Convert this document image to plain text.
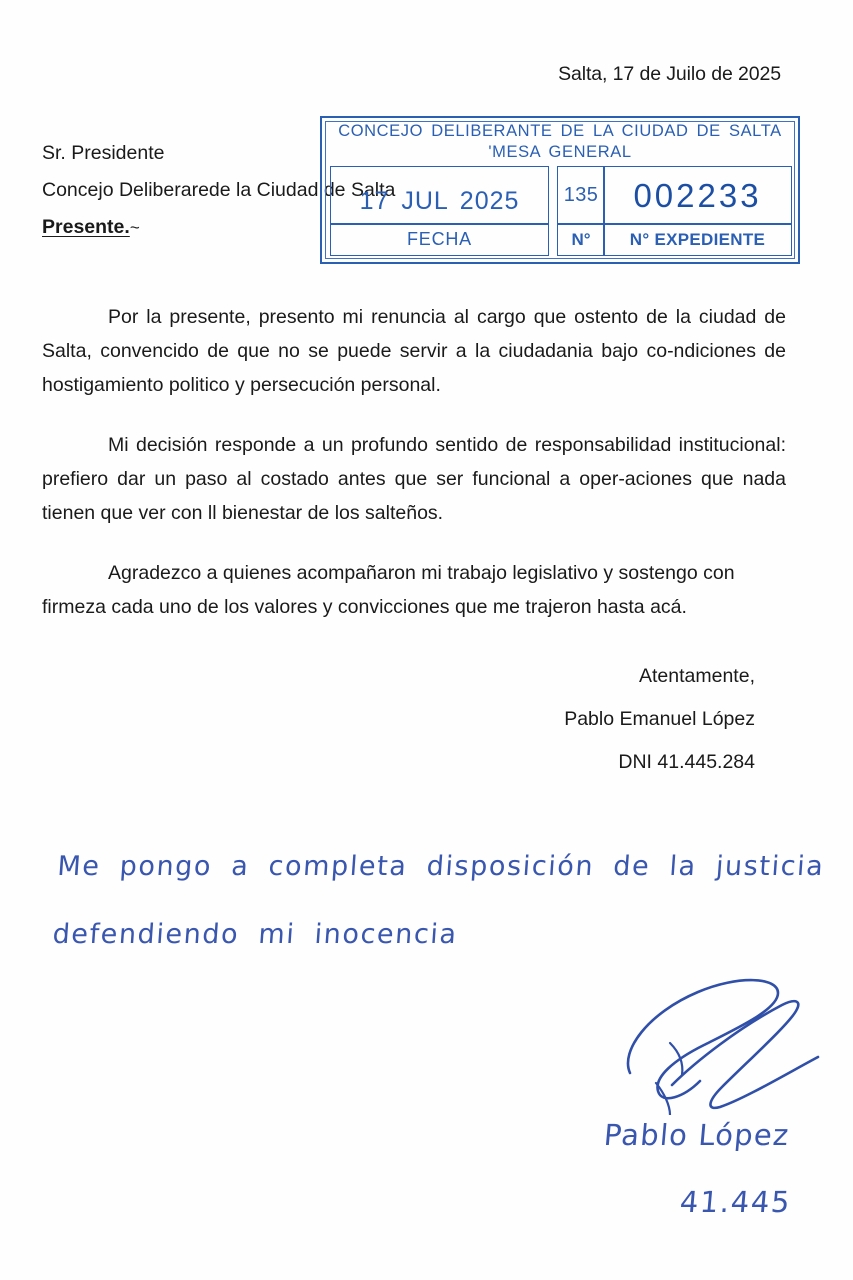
Salta, 17 de Juilo de 2025
Sr. Presidente
Concejo Deliberarede la Ciudad de Salta
Presente.~
CONCEJO DELIBERANTE DE LA CIUDAD DE SALTA
'MESA GENERAL
17 JUL 2025
FECHA
135
N°
002233
N° EXPEDIENTE

Por la presente, presento mi renuncia al cargo que ostento de la ciudad de Salta, convencido de que no se puede servir a la ciudadania bajo co-ndiciones de hostigamiento politico y persecución personal.

Mi decisión responde a un profundo sentido de responsabilidad institucional: prefiero dar un paso al costado antes que ser funcional a oper-aciones que nada tienen que ver con ll bienestar de los salteños.

Agradezco a quienes acompañaron mi trabajo legislativo y sostengo con firmeza cada uno de los valores y convicciones que me trajeron hasta acá.

Atentamente,
Pablo Emanuel López
DNI 41.445.284
Me pongo a completa disposición de la justicia
defendiendo mi inocencia
Pablo López
41.445
